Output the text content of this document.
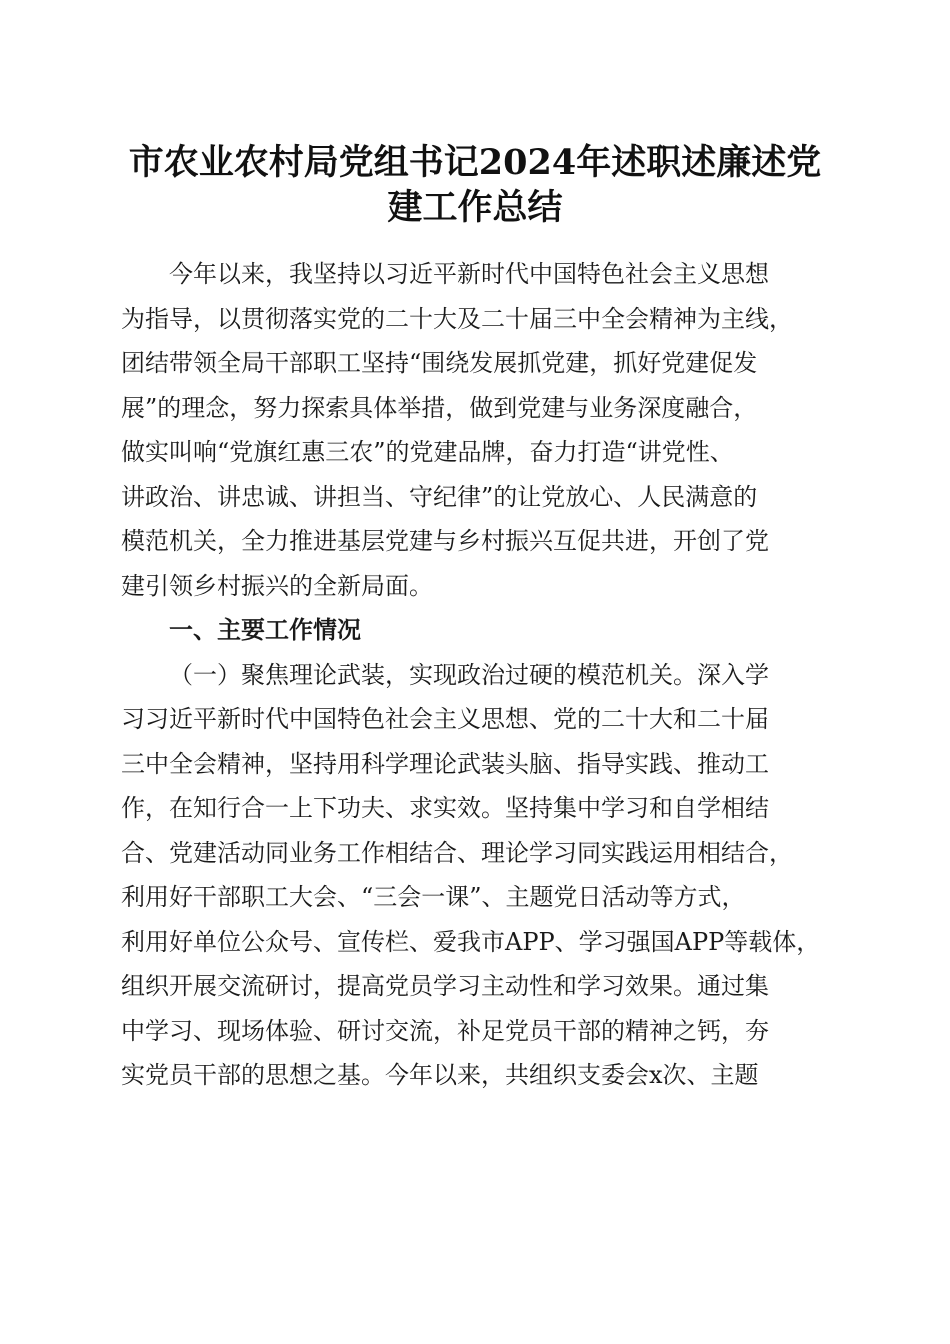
市农业农村局党组书记2024年述职述廉述党
建工作总结
今年以来，我坚持以习近平新时代中国特色社会主义思想
为指导，以贯彻落实党的二十大及二十届三中全会精神为主线，
团结带领全局干部职工坚持“围绕发展抓党建，抓好党建促发
展”的理念，努力探索具体举措，做到党建与业务深度融合，
做实叫响“党旗红惠三农”的党建品牌，奋力打造“讲党性、
讲政治、讲忠诚、讲担当、守纪律”的让党放心、人民满意的
模范机关，全力推进基层党建与乡村振兴互促共进，开创了党
建引领乡村振兴的全新局面。
一、主要工作情况
（一）聚焦理论武装，实现政治过硬的模范机关。深入学
习习近平新时代中国特色社会主义思想、党的二十大和二十届
三中全会精神，坚持用科学理论武装头脑、指导实践、推动工
作，在知行合一上下功夫、求实效。坚持集中学习和自学相结
合、党建活动同业务工作相结合、理论学习同实践运用相结合，
利用好干部职工大会、“三会一课”、主题党日活动等方式，
利用好单位公众号、宣传栏、爱我市APP、学习强国APP等载体，
组织开展交流研讨，提高党员学习主动性和学习效果。通过集
中学习、现场体验、研讨交流，补足党员干部的精神之钙，夯
实党员干部的思想之基。今年以来，共组织支委会x次、主题
